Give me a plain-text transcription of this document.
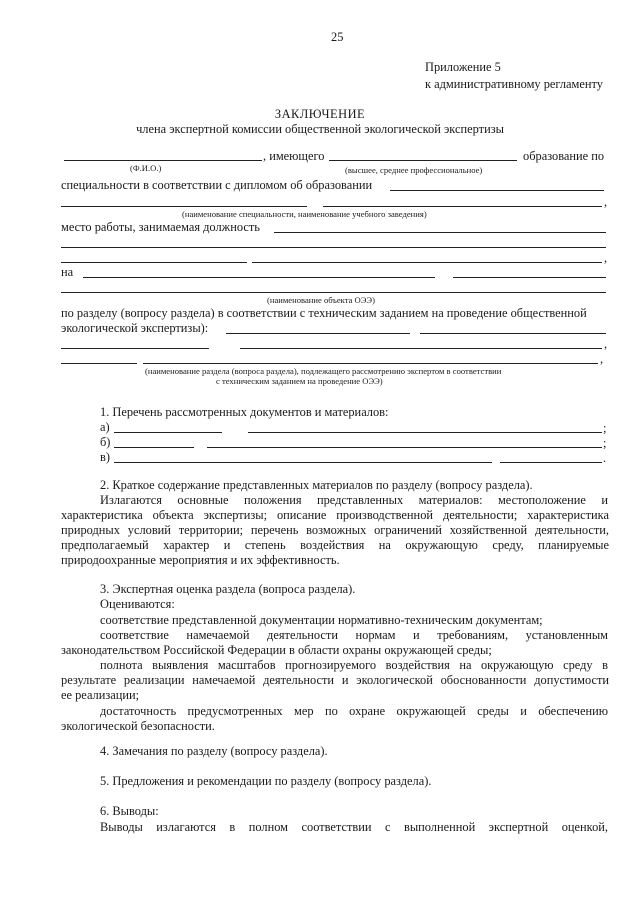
25
Приложение 5
к административному регламенту
ЗАКЛЮЧЕНИЕ
члена экспертной комиссии общественной экологической экспертизы
, имеющего	образование по
(Ф.И.О.)	(высшее, среднее профессиональное)
специальности в соответствии с дипломом об образовании
,
(наименование специальности, наименование учебного заведения)
место работы, занимаемая должность
,
на
(наименование объекта ОЭЭ)
по разделу (вопросу раздела) в соответствии с техническим заданием на проведение общественной
экологической экспертизы):
,
,
(наименование раздела (вопроса раздела), подлежащего рассмотрению экспертом в соответствии
с техническим заданием на проведение ОЭЭ)
1. Перечень рассмотренных документов и материалов:
а)	;
б)	;
в)	.
2. Краткое содержание представленных материалов по разделу (вопросу раздела).
Излагаются основные положения представленных материалов: местоположение и
характеристика объекта экспертизы; описание производственной деятельности; характеристика
природных условий территории; перечень возможных ограничений хозяйственной деятельности,
предполагаемый характер и степень воздействия на окружающую среду, планируемые
природоохранные мероприятия и их эффективность.
3. Экспертная оценка раздела (вопроса раздела).
Оцениваются:
соответствие представленной документации нормативно-техническим документам;
соответствие намечаемой деятельности нормам и требованиям, установленным
законодательством Российской Федерации в области охраны окружающей среды;
полнота выявления масштабов прогнозируемого воздействия на окружающую среду в
результате реализации намечаемой деятельности и экологической обоснованности допустимости
ее реализации;
достаточность предусмотренных мер по охране окружающей среды и обеспечению
экологической безопасности.
4. Замечания по разделу (вопросу раздела).
5. Предложения и рекомендации по разделу (вопросу раздела).
6. Выводы:
Выводы излагаются в полном соответствии с выполненной экспертной оценкой,
